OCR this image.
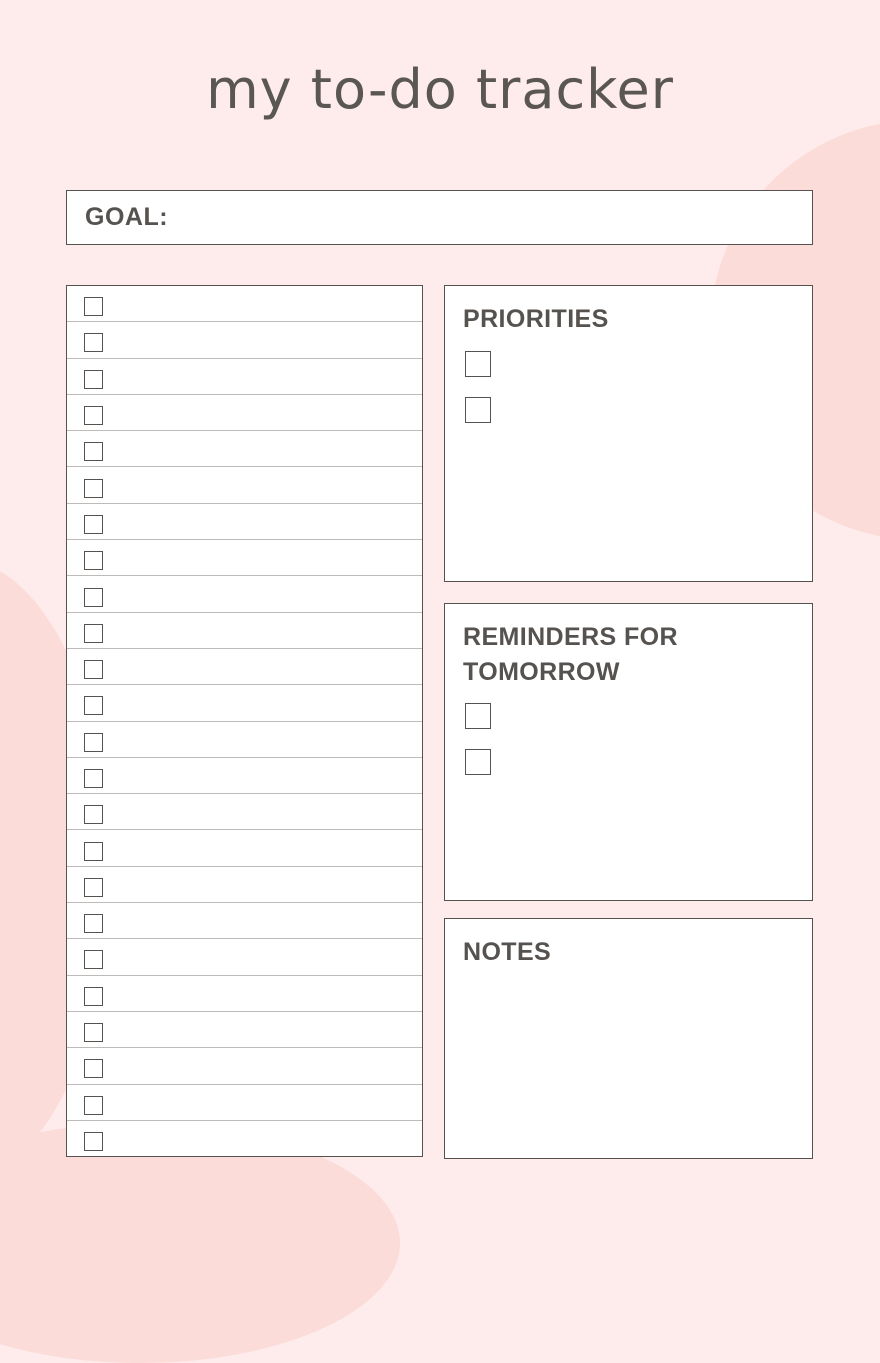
my to-do tracker
GOAL:
PRIORITIES
REMINDERS FOR TOMORROW
NOTES
